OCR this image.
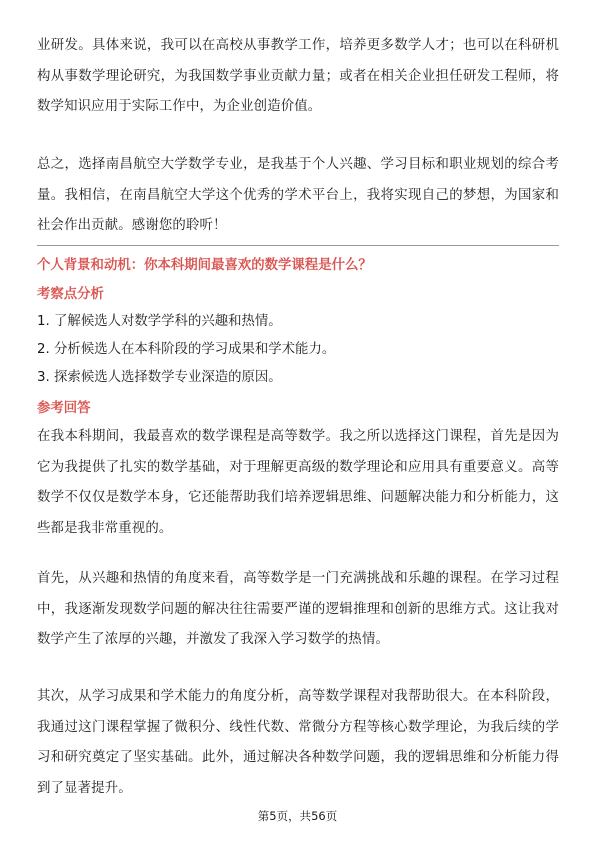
业研发。具体来说，我可以在高校从事教学工作，培养更多数学人才；也可以在科研机构从事数学理论研究，为我国数学事业贡献力量；或者在相关企业担任研发工程师，将数学知识应用于实际工作中，为企业创造价值。

总之，选择南昌航空大学数学专业，是我基于个人兴趣、学习目标和职业规划的综合考量。我相信，在南昌航空大学这个优秀的学术平台上，我将实现自己的梦想，为国家和社会作出贡献。感谢您的聆听！

个人背景和动机：你本科期间最喜欢的数学课程是什么？

考察点分析

1. 了解候选人对数学学科的兴趣和热情。

2. 分析候选人在本科阶段的学习成果和学术能力。

3. 探索候选人选择数学专业深造的原因。

参考回答

在我本科期间，我最喜欢的数学课程是高等数学。我之所以选择这门课程，首先是因为它为我提供了扎实的数学基础，对于理解更高级的数学理论和应用具有重要意义。高等数学不仅仅是数学本身，它还能帮助我们培养逻辑思维、问题解决能力和分析能力，这些都是我非常重视的。

首先，从兴趣和热情的角度来看，高等数学是一门充满挑战和乐趣的课程。在学习过程中，我逐渐发现数学问题的解决往往需要严谨的逻辑推理和创新的思维方式。这让我对数学产生了浓厚的兴趣，并激发了我深入学习数学的热情。

其次，从学习成果和学术能力的角度分析，高等数学课程对我帮助很大。在本科阶段，我通过这门课程掌握了微积分、线性代数、常微分方程等核心数学理论，为我后续的学习和研究奠定了坚实基础。此外，通过解决各种数学问题，我的逻辑思维和分析能力得到了显著提升。

第5页，共56页
